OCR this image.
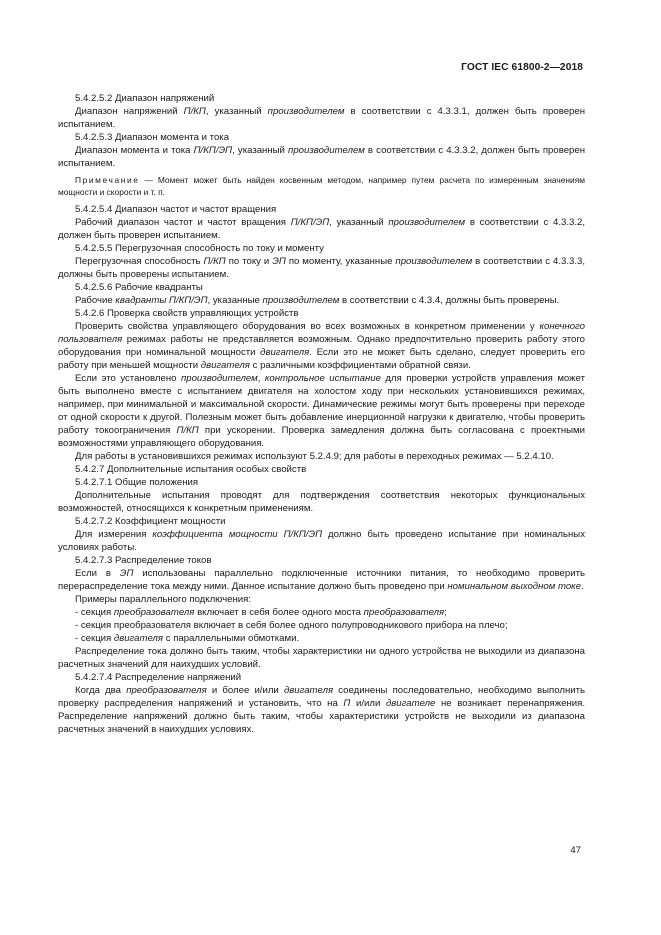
ГОСТ IEC 61800-2—2018

5.4.2.5.2 Диапазон напряжений

Диапазон напряжений П/КП, указанный производителем в соответствии с 4.3.3.1, должен быть проверен испытанием.

5.4.2.5.3 Диапазон момента и тока

Диапазон момента и тока П/КП/ЭП, указанный производителем в соответствии с 4.3.3.2, должен быть проверен испытанием.

Примечание — Момент может быть найден косвенным методом, например путем расчета по измеренным значениям мощности и скорости и т. п.

5.4.2.5.4 Диапазон частот и частот вращения

Рабочий диапазон частот и частот вращения П/КП/ЭП, указанный производителем в соответствии с 4.3.3.2, должен быть проверен испытанием.

5.4.2.5.5 Перегрузочная способность по току и моменту

Перегрузочная способность П/КП по току и ЭП по моменту, указанные производителем в соответствии с 4.3.3.3, должны быть проверены испытанием.

5.4.2.5.6 Рабочие квадранты

Рабочие квадранты П/КП/ЭП, указанные производителем в соответствии с 4.3.4, должны быть проверены.

5.4.2.6 Проверка свойств управляющих устройств

Проверить свойства управляющего оборудования во всех возможных в конкретном применении у конечного пользователя режимах работы не представляется возможным. Однако предпочтительно проверить работу этого оборудования при номинальной мощности двигателя. Если это не может быть сделано, следует проверить его работу при меньшей мощности двигателя с различными коэффициентами обратной связи.

Если это установлено производителем, контрольное испытание для проверки устройств управления может быть выполнено вместе с испытанием двигателя на холостом ходу при нескольких установившихся режимах, например, при минимальной и максимальной скорости. Динамические режимы могут быть проверены при переходе от одной скорости к другой. Полезным может быть добавление инерционной нагрузки к двигателю, чтобы проверить работу токоограничения П/КП при ускорении. Проверка замедления должна быть согласована с проектными возможностями управляющего оборудования.

Для работы в установившихся режимах используют 5.2.4.9; для работы в переходных режимах — 5.2.4.10.

5.4.2.7 Дополнительные испытания особых свойств

5.4.2.7.1 Общие положения

Дополнительные испытания проводят для подтверждения соответствия некоторых функциональных возможностей, относящихся к конкретным применениям.

5.4.2.7.2 Коэффициент мощности

Для измерения коэффициента мощности П/КП/ЭП должно быть проведено испытание при номинальных условиях работы.

5.4.2.7.3 Распределение токов

Если в ЭП использованы параллельно подключенные источники питания, то необходимо проверить перераспределение тока между ними. Данное испытание должно быть проведено при номинальном выходном токе.

Примеры параллельного подключения:

- секция преобразователя включает в себя более одного моста преобразователя;

- секция преобразователя включает в себя более одного полупроводникового прибора на плечо;

- секция двигателя с параллельными обмотками.

Распределение тока должно быть таким, чтобы характеристики ни одного устройства не выходили из диапазона расчетных значений для наихудших условий.

5.4.2.7.4 Распределение напряжений

Когда два преобразователя и более и/или двигателя соединены последовательно, необходимо выполнить проверку распределения напряжений и установить, что на П и/или двигателе не возникает перенапряжения. Распределение напряжений должно быть таким, чтобы характеристики устройств не выходили из диапазона расчетных значений в наихудших условиях.

47
